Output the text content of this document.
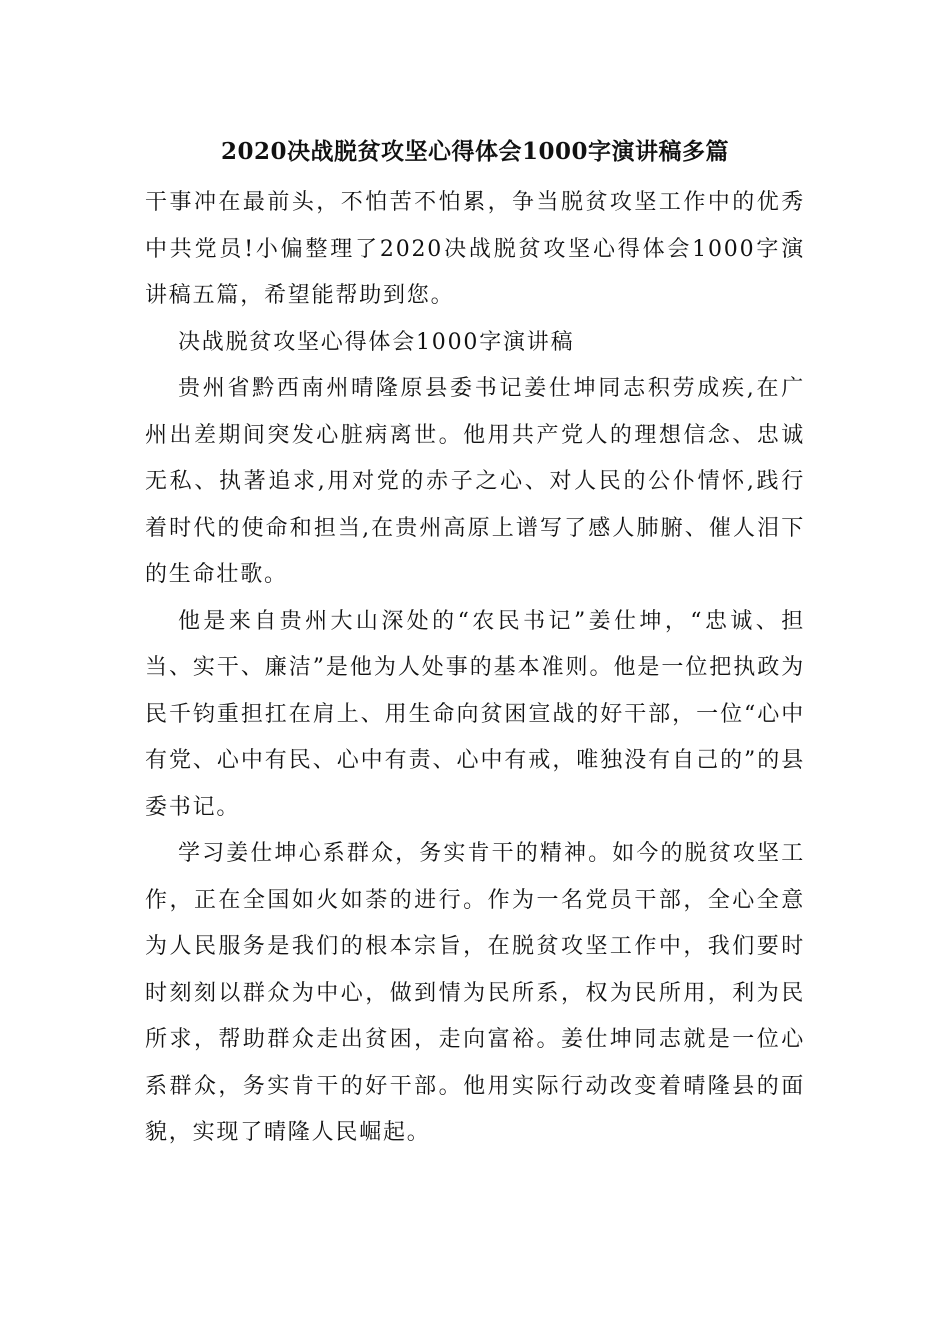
2020决战脱贫攻坚心得体会1000字演讲稿多篇

干事冲在最前头，不怕苦不怕累，争当脱贫攻坚工作中的优秀中共党员!小偏整理了2020决战脱贫攻坚心得体会1000字演讲稿五篇，希望能帮助到您。

决战脱贫攻坚心得体会1000字演讲稿

贵州省黔西南州晴隆原县委书记姜仕坤同志积劳成疾,在广州出差期间突发心脏病离世。他用共产党人的理想信念、忠诚无私、执著追求,用对党的赤子之心、对人民的公仆情怀,践行着时代的使命和担当,在贵州高原上谱写了感人肺腑、催人泪下的生命壮歌。

他是来自贵州大山深处的“农民书记”姜仕坤，“忠诚、担当、实干、廉洁”是他为人处事的基本准则。他是一位把执政为民千钧重担扛在肩上、用生命向贫困宣战的好干部，一位“心中有党、心中有民、心中有责、心中有戒，唯独没有自己的”的县委书记。

学习姜仕坤心系群众，务实肯干的精神。如今的脱贫攻坚工作，正在全国如火如荼的进行。作为一名党员干部，全心全意为人民服务是我们的根本宗旨，在脱贫攻坚工作中，我们要时时刻刻以群众为中心，做到情为民所系，权为民所用，利为民所求，帮助群众走出贫困，走向富裕。姜仕坤同志就是一位心系群众，务实肯干的好干部。他用实际行动改变着晴隆县的面貌，实现了晴隆人民崛起。
